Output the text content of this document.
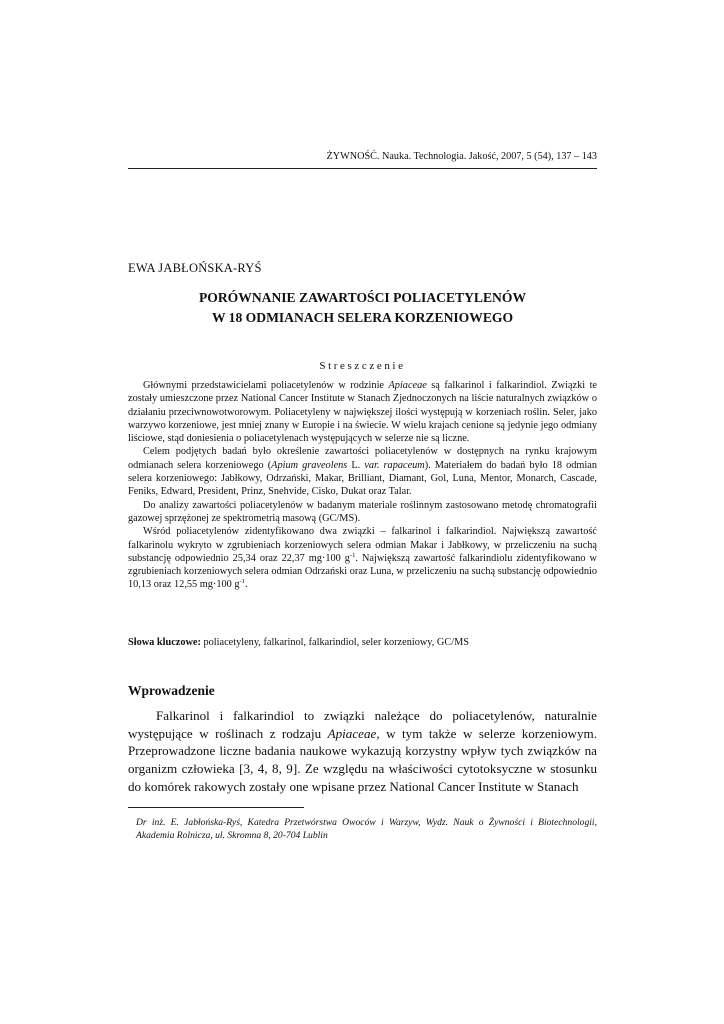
ŻYWNOŚĆ. Nauka. Technologia. Jakość, 2007, 5 (54), 137 – 143
EWA JABŁOŃSKA-RYŚ
PORÓWNANIE ZAWARTOŚCI POLIACETYLENÓW
W 18 ODMIANACH SELERA KORZENIOWEGO
Streszczenie

Głównymi przedstawicielami poliacetylenów w rodzinie Apiaceae są falkarinol i falkarindiol. Związki te zostały umieszczone przez National Cancer Institute w Stanach Zjednoczonych na liście naturalnych związków o działaniu przeciwnowotworowym. Poliacetyleny w największej ilości występują w korzeniach roślin. Seler, jako warzywo korzeniowe, jest mniej znany w Europie i na świecie. W wielu krajach cenione są jedynie jego odmiany liściowe, stąd doniesienia o poliacetylenach występujących w selerze nie są liczne.

Celem podjętych badań było określenie zawartości poliacetylenów w dostępnych na rynku krajowym odmianach selera korzeniowego (Apium graveolens L. var. rapaceum). Materiałem do badań było 18 odmian selera korzeniowego: Jabłkowy, Odrzański, Makar, Brilliant, Diamant, Gol, Luna, Mentor, Monarch, Cascade, Feniks, Edward, President, Prinz, Snehvide, Cisko, Dukat oraz Talar.

Do analizy zawartości poliacetylenów w badanym materiale roślinnym zastosowano metodę chromatografii gazowej sprzężonej ze spektrometrią masową (GC/MS).

Wśród poliacetylenów zidentyfikowano dwa związki – falkarinol i falkarindiol. Największą zawartość falkarinolu wykryto w zgrubieniach korzeniowych selera odmian Makar i Jabłkowy, w przeliczeniu na suchą substancję odpowiednio 25,34 oraz 22,37 mg·100 $g^{-1}$. Największą zawartość falkarindiolu zidentyfikowano w zgrubieniach korzeniowych selera odmian Odrzański oraz Luna, w przeliczeniu na suchą substancję odpowiednio 10,13 oraz 12,55 mg·100 $g^{-1}$.

Słowa kluczowe: poliacetyleny, falkarinol, falkarindiol, seler korzeniowy, GC/MS
Wprowadzenie

Falkarinol i falkarindiol to związki należące do poliacetylenów, naturalnie występujące w roślinach z rodzaju Apiaceae, w tym także w selerze korzeniowym. Przeprowadzone liczne badania naukowe wykazują korzystny wpływ tych związków na organizm człowieka [3, 4, 8, 9]. Ze względu na właściwości cytotoksyczne w stosunku do komórek rakowych zostały one wpisane przez National Cancer Institute w Stanach

Dr inż. E. Jabłońska-Ryś, Katedra Przetwórstwa Owoców i Warzyw, Wydz. Nauk o Żywności i Biotechnologii, Akademia Rolnicza, ul. Skromna 8, 20-704 Lublin
